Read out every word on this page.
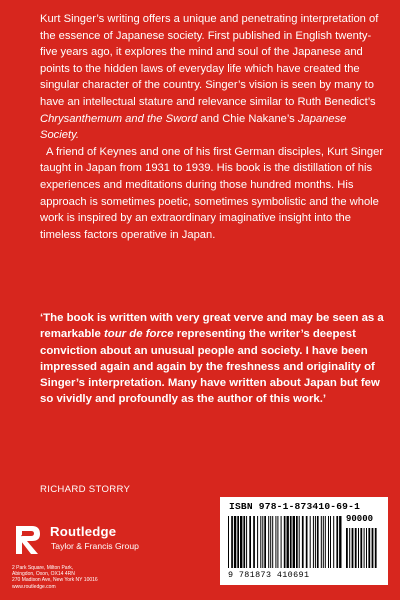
Kurt Singer’s writing offers a unique and penetrating interpretation of the essence of Japanese society. First published in English twenty-five years ago, it explores the mind and soul of the Japanese and points to the hidden laws of everyday life which have created the singular character of the country. Singer’s vision is seen by many to have an intellectual stature and relevance similar to Ruth Benedict’s Chrysanthemum and the Sword and Chie Nakane’s Japanese Society.

A friend of Keynes and one of his first German disciples, Kurt Singer taught in Japan from 1931 to 1939. His book is the distillation of his experiences and meditations during those hundred months. His approach is sometimes poetic, sometimes symbolistic and the whole work is inspired by an extraordinary imaginative insight into the timeless factors operative in Japan.

‘The book is written with very great verve and may be seen as a remarkable tour de force representing the writer’s deepest conviction about an unusual people and society. I have been impressed again and again by the freshness and originality of Singer’s interpretation. Many have written about Japan but few so vividly and profoundly as the author of this work.’

RICHARD STORRY
Routledge
Taylor & Francis Group
2 Park Square, Milton Park,
Abingdon, Oxon, OX14 4RN
270 Madison Ave, New York NY 10016
www.routledge.com
ISBN 978-1-873410-69-1
90000
9 781873 410691
